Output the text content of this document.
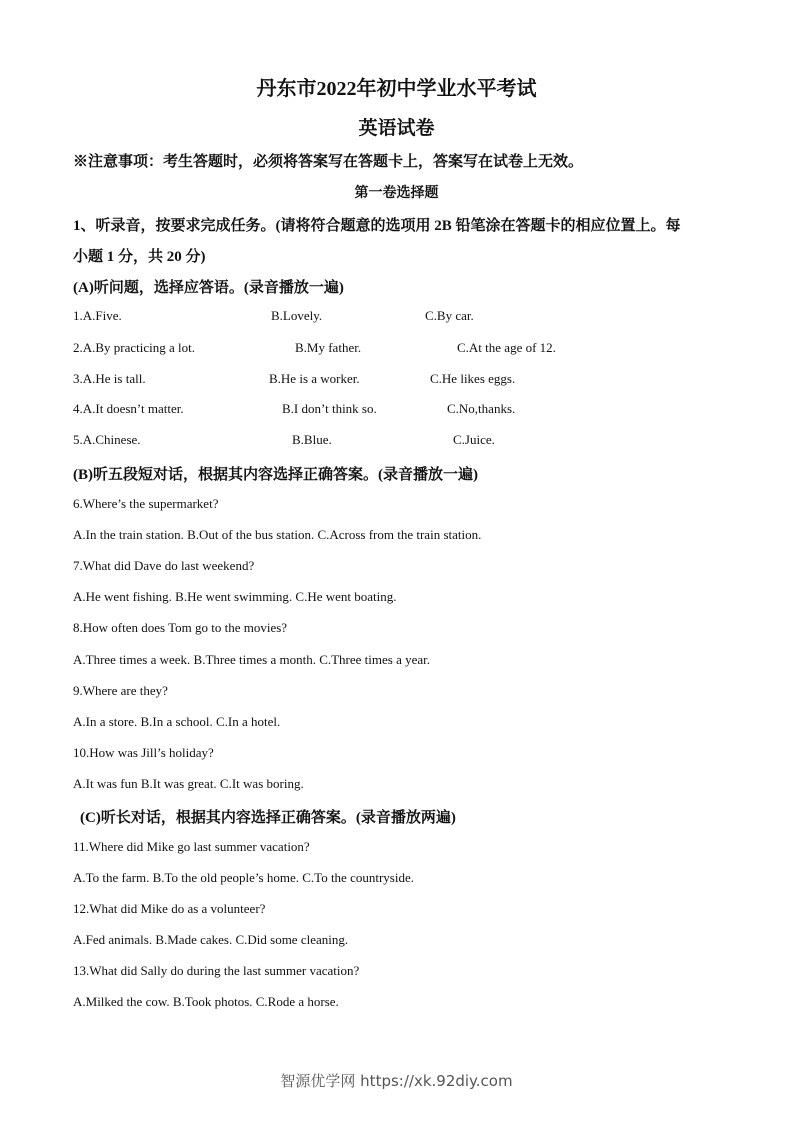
丹东市2022年初中学业水平考试
英语试卷
※注意事项：考生答题时，必须将答案写在答题卡上，答案写在试卷上无效。
第一卷选择题
1、听录音，按要求完成任务。(请将符合题意的选项用 2B 铅笔涂在答题卡的相应位置上。每
小题 1 分，共 20 分)
(A)听问题，选择应答语。(录音播放一遍)
1.A.Five.	B.Lovely.	C.By car.
2.A.By practicing a lot.	B.My father.	C.At the age of 12.
3.A.He is tall.	B.He is a worker.	C.He likes eggs.
4.A.It doesn’t matter.	B.I don’t think so.	C.No,thanks.
5.A.Chinese.	B.Blue.	C.Juice.
(B)听五段短对话，根据其内容选择正确答案。(录音播放一遍)
6.Where’s the supermarket?
A.In the train station. B.Out of the bus station. C.Across from the train station.
7.What did Dave do last weekend?
A.He went fishing. B.He went swimming. C.He went boating.
8.How often does Tom go to the movies?
A.Three times a week. B.Three times a month. C.Three times a year.
9.Where are they?
A.In a store. B.In a school. C.In a hotel.
10.How was Jill’s holiday?
A.It was fun B.It was great. C.It was boring.
(C)听长对话，根据其内容选择正确答案。(录音播放两遍)
11.Where did Mike go last summer vacation?
A.To the farm. B.To the old people’s home. C.To the countryside.
12.What did Mike do as a volunteer?
A.Fed animals. B.Made cakes. C.Did some cleaning.
13.What did Sally do during the last summer vacation?
A.Milked the cow. B.Took photos. C.Rode a horse.
智源优学网 https://xk.92diy.com
